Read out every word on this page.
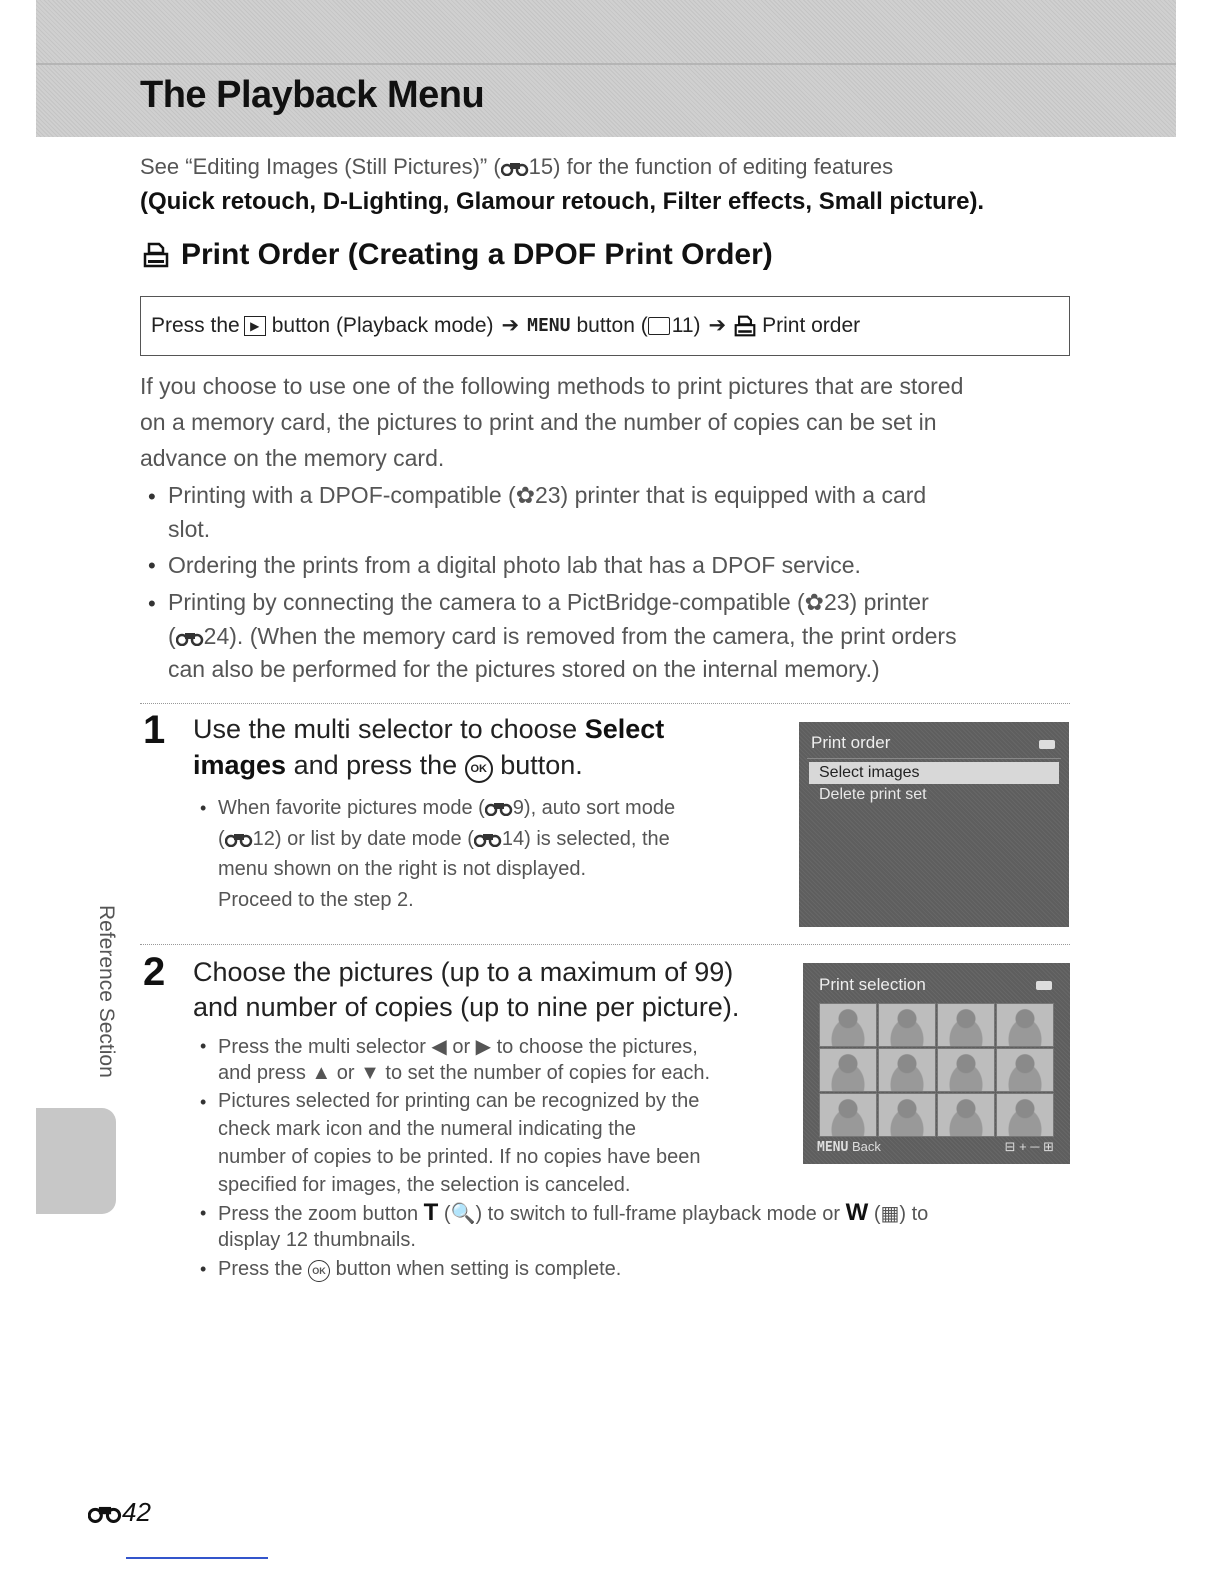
The Playback Menu
See “Editing Images (Still Pictures)” ( 15) for the function of editing features
(Quick retouch, D-Lighting, Glamour retouch, Filter effects, Small picture).
Print Order (Creating a DPOF Print Order)
Press the ▶ button (Playback mode) ➔ MENU button ( 11) ➔ Print order
If you choose to use one of the following methods to print pictures that are stored
on a memory card, the pictures to print and the number of copies can be set in
advance on the memory card.
• Printing with a DPOF-compatible (✿23) printer that is equipped with a card
slot.
• Ordering the prints from a digital photo lab that has a DPOF service.
• Printing by connecting the camera to a PictBridge-compatible (✿23) printer
( 24). (When the memory card is removed from the camera, the print orders
can also be performed for the pictures stored on the internal memory.)
1 Use the multi selector to choose Select
images and press the OK button.
• When favorite pictures mode ( 9), auto sort mode
( 12) or list by date mode ( 14) is selected, the
menu shown on the right is not displayed.
Proceed to the step 2.
Print order
Select images
Delete print set
2 Choose the pictures (up to a maximum of 99)
and number of copies (up to nine per picture).
• Press the multi selector ◀ or ▶ to choose the pictures,
and press ▲ or ▼ to set the number of copies for each.
• Pictures selected for printing can be recognized by the
check mark icon and the numeral indicating the
number of copies to be printed. If no copies have been
specified for images, the selection is canceled.
• Press the zoom button T (🔍) to switch to full-frame playback mode or W (▦) to
display 12 thumbnails.
• Press the OK button when setting is complete.
Print selection
MENU Back	⊟ + ─ ⊞
Reference Section
42
